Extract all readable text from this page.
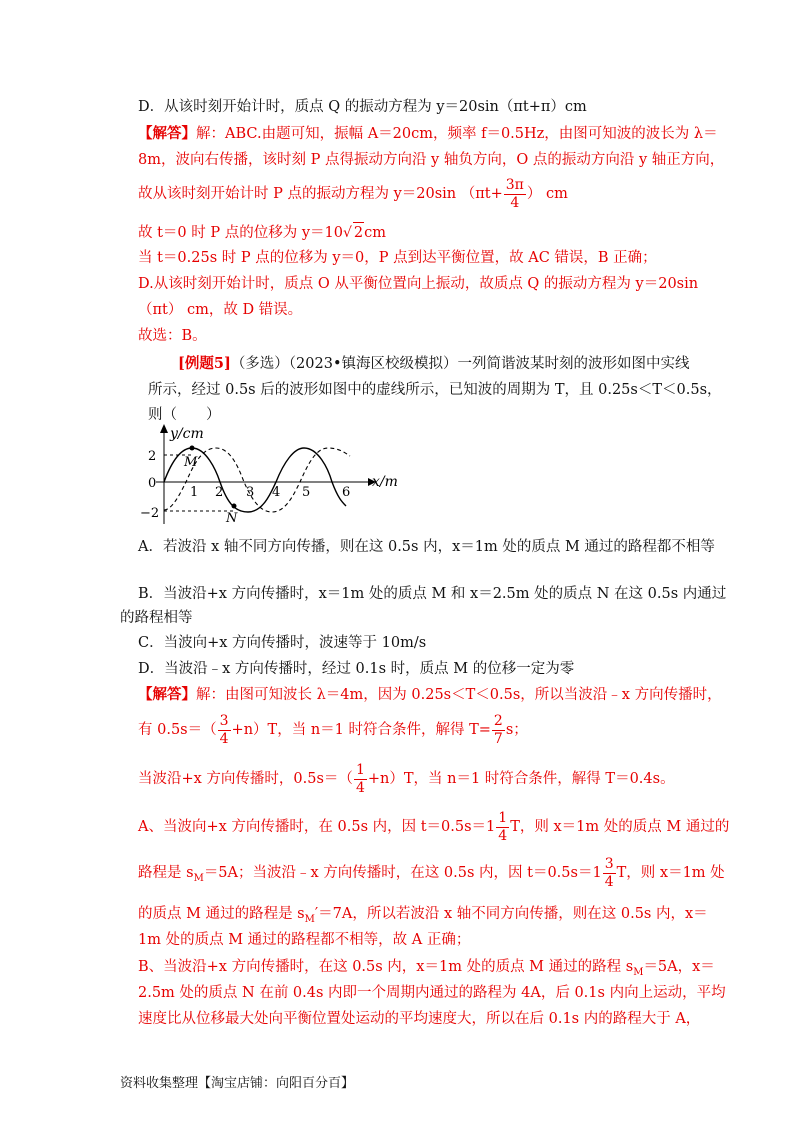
D．从该时刻开始计时，质点 Q 的振动方程为 y＝20sin（πt+π）cm
【解答】解：ABC.由题可知，振幅 A＝20cm，频率 f＝0.5Hz，由图可知波的波长为 λ＝
8m，波向右传播，该时刻 P 点得振动方向沿 y 轴负方向，O 点的振动方向沿 y 轴正方向，
故从该时刻开始计时 P 点的振动方程为 y＝20sin （$\pi t+ \frac{3\pi}{4}$ ） cm
故 t＝0 时 P 点的位移为 y＝10√ 2cm
当 t＝0.25s 时 P 点的位移为 y＝0，P 点到达平衡位置，故 AC 错误，B 正确；
D.从该时刻开始计时，质点 O 从平衡位置向上振动，故质点 Q 的振动方程为 y＝20sin
（πt） cm，故 D 错误。
故选：B。
[例题5]（多选）（2023•镇海区校级模拟）一列简谐波某时刻的波形如图中实线
所示，经过 0.5s 后的波形如图中的虚线所示，已知波的周期为 T，且 0.25s＜T＜0.5s，
则（　　）
y/cm
x/m
2
0
−2
1 2 3 4 5 6
M
N
A．若波沿 x 轴不同方向传播，则在这 0.5s 内，x＝1m 处的质点 M 通过的路程都不相等
B．当波沿+x 方向传播时，x＝1m 处的质点 M 和 x＝2.5m 处的质点 N 在这 0.5s 内通过
的路程相等
C．当波向+x 方向传播时，波速等于 10m/s
D．当波沿﹣x 方向传播时，经过 0.1s 时，质点 M 的位移一定为零
【解答】解：由图可知波长 λ＝4m，因为 0.25s＜T＜0.5s，所以当波沿﹣x 方向传播时，
有 $0.5s=( \frac{3}{4} +n)T$，当 n＝1 时符合条件，解得 $T= \frac{2}{7}$ s；
当波沿+x 方向传播时，$0.5s=( \frac{1}{4} +n)T$，当 n＝1 时符合条件，解得 T＝0.4s。
A、当波向+x 方向传播时，在 0.5s 内，因 $t=0.5s=1 \frac{1}{4}$ T，则 x＝1m 处的质点 M 通过的
路程是 $s_M=5A$；当波沿﹣x 方向传播时，在这 0.5s 内，因 $t=0.5s=1 \frac{3}{4}$ T，则 x＝1m 处
的质点 M 通过的路程是 $s_M'=7A$，所以若波沿 x 轴不同方向传播，则在这 0.5s 内，x＝
1m 处的质点 M 通过的路程都不相等，故 A 正确；
B、当波沿+x 方向传播时，在这 0.5s 内，x＝1m 处的质点 M 通过的路程 $s_M=5A$，x＝
2.5m 处的质点 N 在前 0.4s 内即一个周期内通过的路程为 4A，后 0.1s 内向上运动，平均
速度比从位移最大处向平衡位置处运动的平均速度大，所以在后 0.1s 内的路程大于 A，
资料收集整理【淘宝店铺：向阳百分百】
